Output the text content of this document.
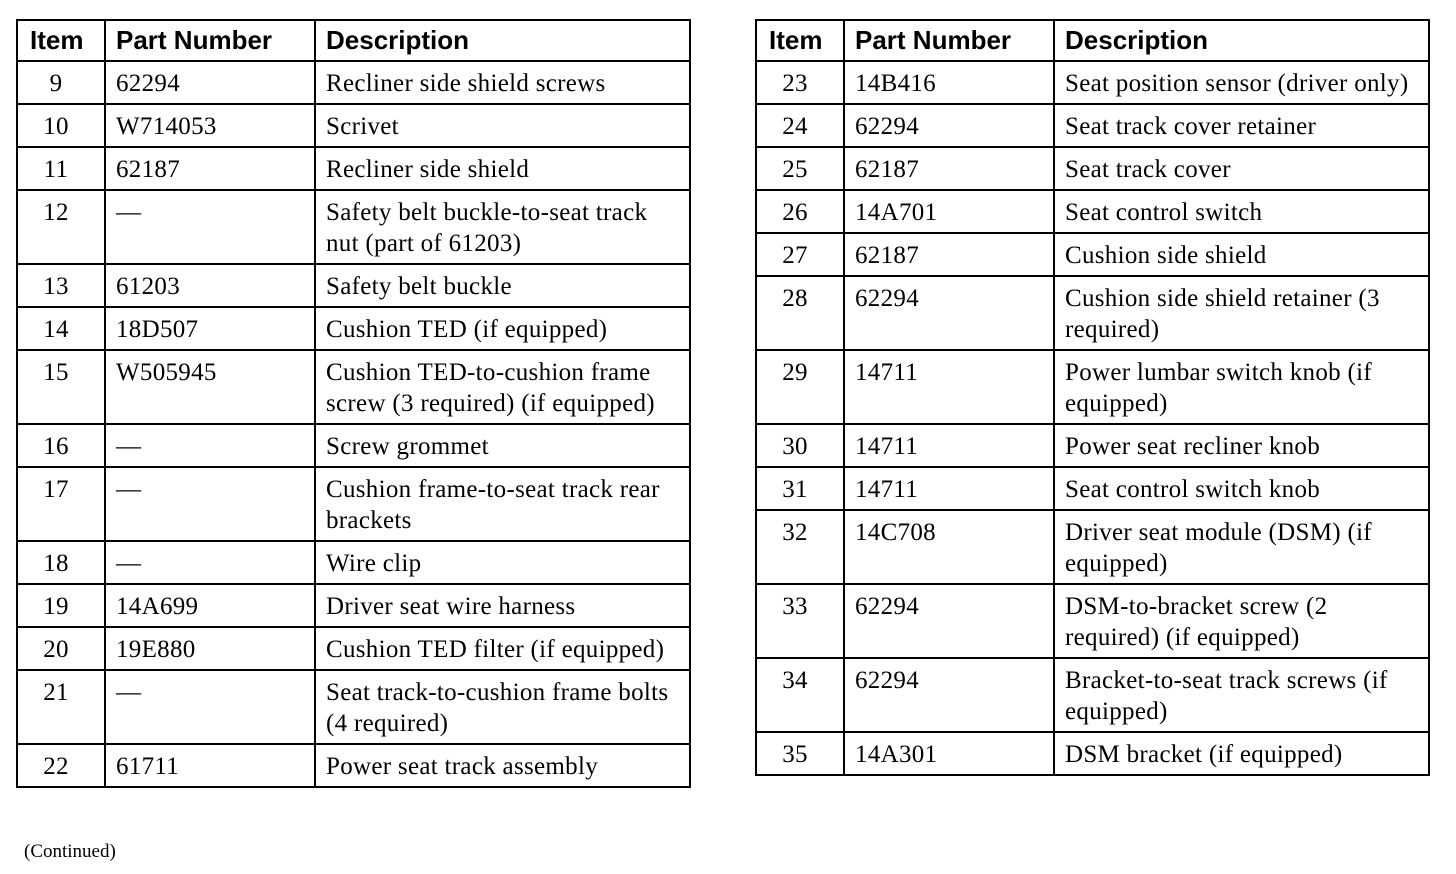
Item	Part Number	Description
9	62294	Recliner side shield screws
10	W714053	Scrivet
11	62187	Recliner side shield
12	—	Safety belt buckle-to-seat track nut (part of 61203)
13	61203	Safety belt buckle
14	18D507	Cushion TED (if equipped)
15	W505945	Cushion TED-to-cushion frame screw (3 required) (if equipped)
16	—	Screw grommet
17	—	Cushion frame-to-seat track rear brackets
18	—	Wire clip
19	14A699	Driver seat wire harness
20	19E880	Cushion TED filter (if equipped)
21	—	Seat track-to-cushion frame bolts (4 required)
22	61711	Power seat track assembly
Item	Part Number	Description
23	14B416	Seat position sensor (driver only)
24	62294	Seat track cover retainer
25	62187	Seat track cover
26	14A701	Seat control switch
27	62187	Cushion side shield
28	62294	Cushion side shield retainer (3 required)
29	14711	Power lumbar switch knob (if equipped)
30	14711	Power seat recliner knob
31	14711	Seat control switch knob
32	14C708	Driver seat module (DSM) (if equipped)
33	62294	DSM-to-bracket screw (2 required) (if equipped)
34	62294	Bracket-to-seat track screws (if equipped)
35	14A301	DSM bracket (if equipped)
(Continued)
